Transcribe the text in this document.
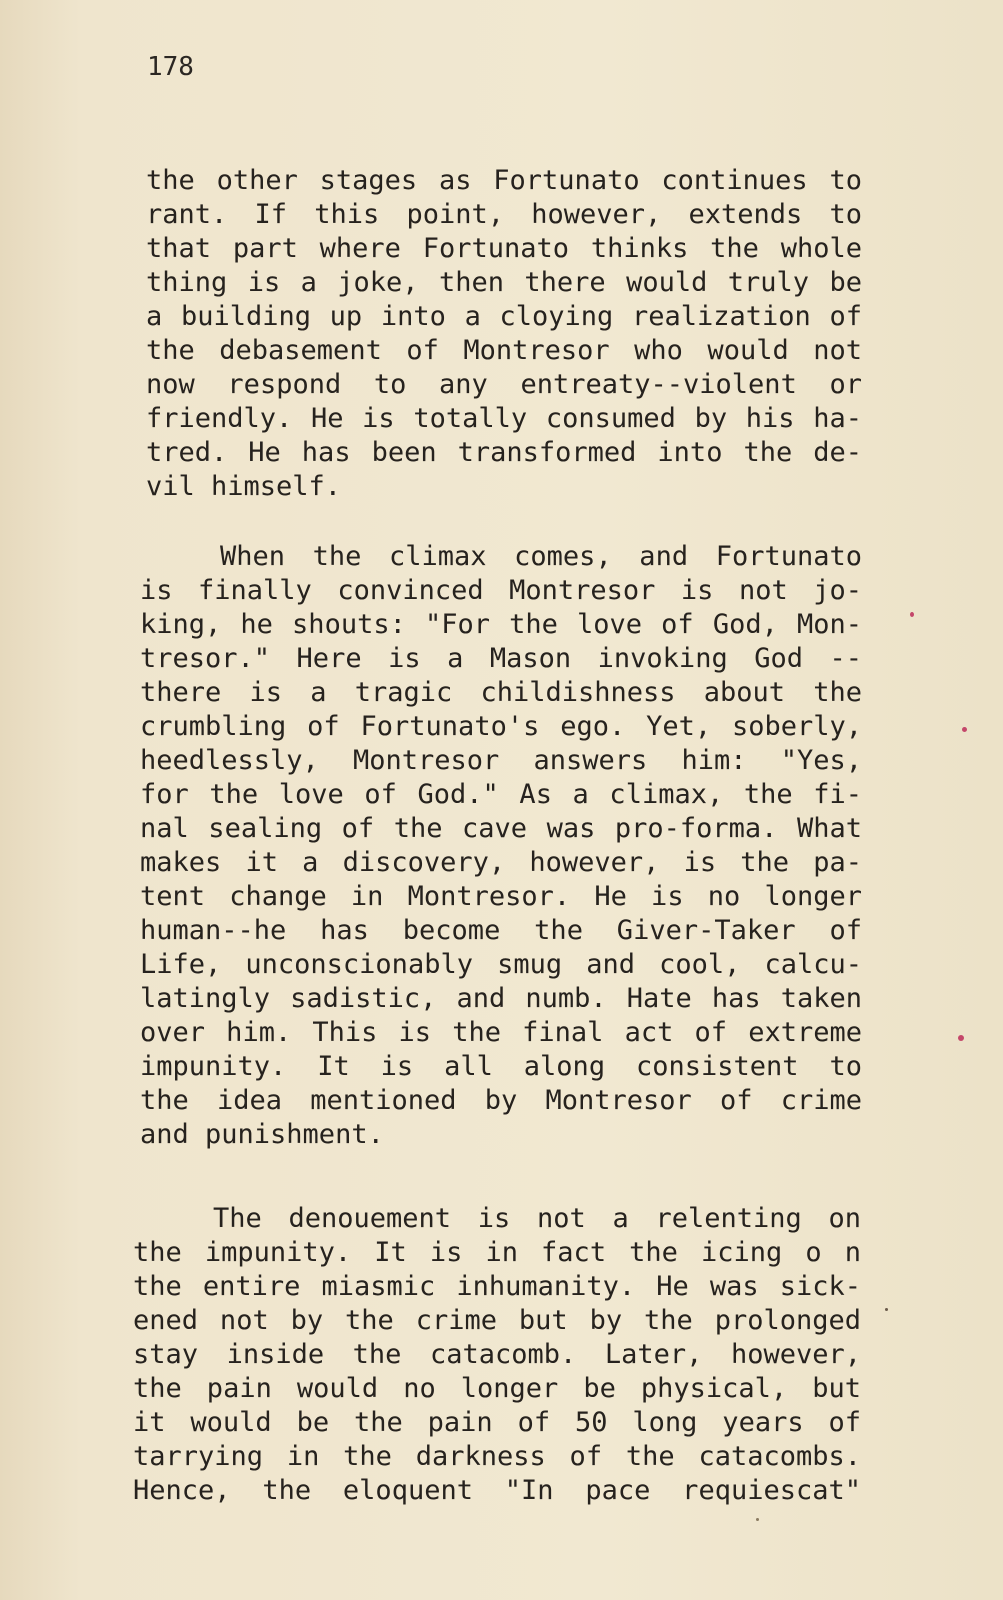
178
the other stages as Fortunato continues to
rant. If this point, however, extends to
that part where Fortunato thinks the whole
thing is a joke, then there would truly be
a building up into a cloying realization of
the debasement of Montresor who would not
now respond to any entreaty--violent or
friendly. He is totally consumed by his ha-
tred. He has been transformed into the de-
vil himself.
When the climax comes, and Fortunato
is finally convinced Montresor is not jo-
king, he shouts: "For the love of God, Mon-
tresor." Here is a Mason invoking God --
there is a tragic childishness about the
crumbling of Fortunato's ego. Yet, soberly,
heedlessly, Montresor answers him: "Yes,
for the love of God." As a climax, the fi-
nal sealing of the cave was pro-forma. What
makes it a discovery, however, is the pa-
tent change in Montresor. He is no longer
human--he has become the Giver-Taker of
Life, unconscionably smug and cool, calcu-
latingly sadistic, and numb. Hate has taken
over him. This is the final act of extreme
impunity. It is all along consistent to
the idea mentioned by Montresor of crime
and punishment.
The denouement is not a relenting on
the impunity. It is in fact the icing o n
the entire miasmic inhumanity. He was sick-
ened not by the crime but by the prolonged
stay inside the catacomb. Later, however,
the pain would no longer be physical, but
it would be the pain of 50 long years of
tarrying in the darkness of the catacombs.
Hence, the eloquent "In pace requiescat"
